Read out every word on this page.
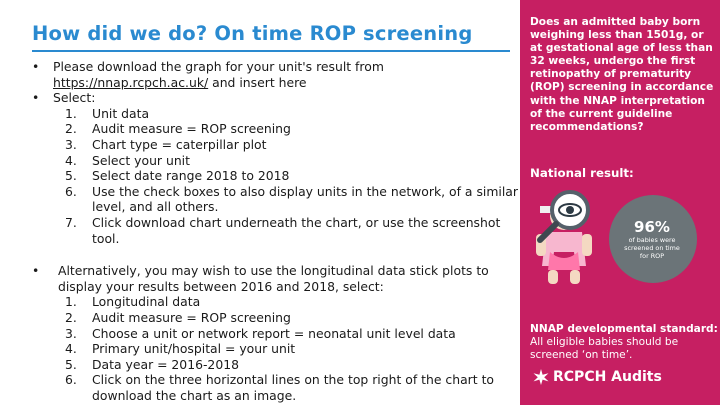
How did we do? On time ROP screening
• Please download the graph for your unit's result from https://nnap.rcpch.ac.uk/ and insert here
• Select:
1. Unit data
2. Audit measure = ROP screening
3. Chart type = caterpillar plot
4. Select your unit
5. Select date range 2018 to 2018
6. Use the check boxes to also display units in the network, of a similar level, and all others.
7. Click download chart underneath the chart, or use the screenshot tool.
• Alternatively, you may wish to use the longitudinal data stick plots to display your results between 2016 and 2018, select:
1. Longitudinal data
2. Audit measure = ROP screening
3. Choose a unit or network report = neonatal unit level data
4. Primary unit/hospital = your unit
5. Data year = 2016-2018
6. Click on the three horizontal lines on the top right of the chart to download the chart as an image.
Does an admitted baby born weighing less than 1501g, or at gestational age of less than 32 weeks, undergo the first retinopathy of prematurity (ROP) screening in accordance with the NNAP interpretation of the current guideline recommendations?
National result:
NNAP developmental standard: All eligible babies should be screened ‘on time’.
RCPCH Audits
96%
of babies were screened on time for ROP
